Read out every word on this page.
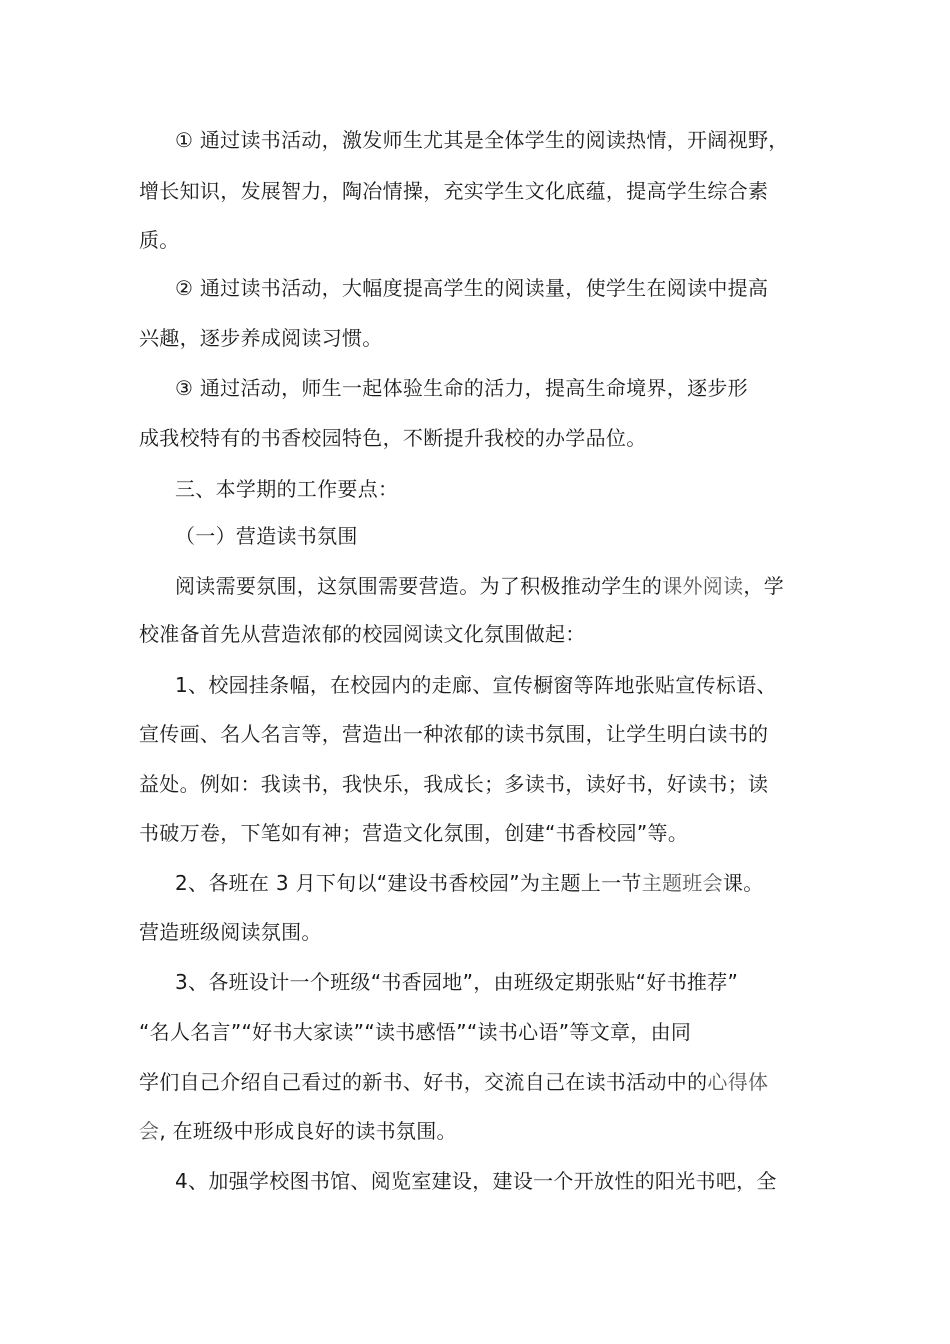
① 通过读书活动，激发师生尤其是全体学生的阅读热情，开阔视野，
增长知识，发展智力，陶冶情操，充实学生文化底蕴，提高学生综合素
质。
② 通过读书活动，大幅度提高学生的阅读量，使学生在阅读中提高
兴趣，逐步养成阅读习惯。
③ 通过活动，师生一起体验生命的活力，提高生命境界，逐步形
成我校特有的书香校园特色，不断提升我校的办学品位。
三、本学期的工作要点：
（一）营造读书氛围
阅读需要氛围，这氛围需要营造。为了积极推动学生的课外阅读，学
校准备首先从营造浓郁的校园阅读文化氛围做起：
1、校园挂条幅，在校园内的走廊、宣传橱窗等阵地张贴宣传标语、
宣传画、名人名言等，营造出一种浓郁的读书氛围，让学生明白读书的
益处。例如：我读书，我快乐，我成长；多读书，读好书，好读书；读
书破万卷，下笔如有神；营造文化氛围，创建“书香校园”等。
2、各班在 3 月下旬以“建设书香校园”为主题上一节主题班会课。
营造班级阅读氛围。
3、各班设计一个班级“书香园地”，由班级定期张贴“好书推荐”
“名人名言”“好书大家读”“读书感悟”“读书心语”等文章，由同
学们自己介绍自己看过的新书、好书，交流自己在读书活动中的心得体
会, 在班级中形成良好的读书氛围。
4、加强学校图书馆、阅览室建设，建设一个开放性的阳光书吧，全
